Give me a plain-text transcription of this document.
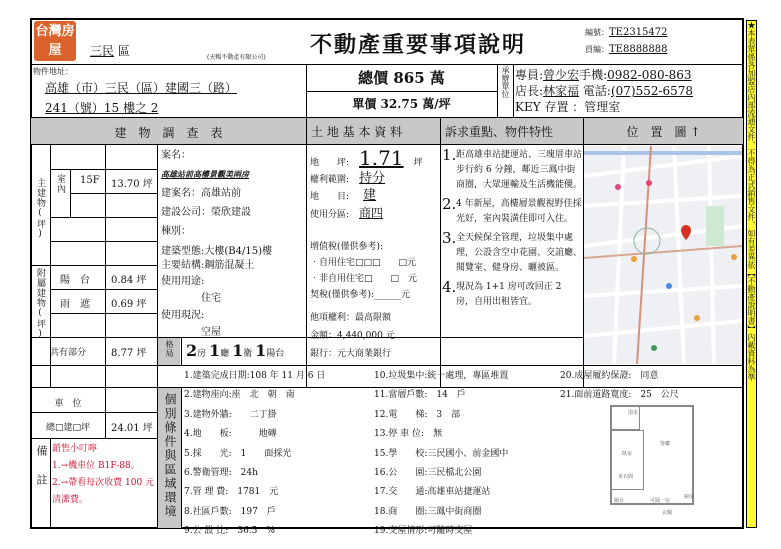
台灣房屋	三民 區	(天暢不動產有限公司) 不動產重要事項說明	編號：TE2315472
員編：TE8888888
物件地址：
高雄（市）三民（區）建國三（路）
241（號）15 樓之 2
總價 865 萬
單價 32.75 萬/坪
承辦單位 專員:曾少宏手機:0982-080-863
店長:林家福 電話:(07)552-6578
KEY 存置 ：管理室
建　物　調　查　表	土 地 基 本 資 料	訴求重點、物件特性	位　置　圖 ↑
主建物(坪) 室內 15F 13.70 坪
附屬建物(坪) 陽　台 0.84 坪
雨　遮 0.69 坪
共有部分	8.77 坪
車　位
總□建□坪	24.01 坪
案名：
高雄站前高樓景觀美兩房
建案名：高雄站前
建設公司：榮欣建設
棟別：
建築型態:大樓(B4/15)樓
主要結構:鋼筋混凝土
使用用途:
住宅
使用現況:
空屋
格局 2房 1廳 1衛 1陽台
地　　坪: 1.71 坪
權利範圍: 持分
地　　目: 建
使用分區: 商四
增值稅(僅供參考):
‧自用住宅□□□　　□元
‧非自用住宅□　　□　元
契稅(僅供參考):______元
他項權利：最高限額
金額：4,440,000 元
銀行：元大商業銀行
1. 距高雄車站捷運站、三塊厝車站步行約 6 分鐘，鄰近三鳳中街商圈，大眾運輸及生活機能優。
2. 4 年新屋，高樓層景觀視野佳採光好，室內裝潢佳即可入住。
3. 全天候保全管理，垃圾集中處理，公設含空中花園、交誼廳、閱覽室、健身房、曬被區。
4. 現況為 1+1 房可改回正 2 房，自用出租皆宜。
個別條件與區域環境
1.建築完成日期:108 年 11 月 6 日
2.建物座向:座　北　朝　南
3.建物外牆:　　二丁掛　　
4.地　　板:　　　地磚　　　
5.採　　光:　1　　面採光
6.警衛管理:　24h　
7.管 理 費:　1781　元
8.社區戶數:　197　戶
9.公 設 比:　36.5　%
10.垃圾集中:統一處理，專區堆置
11.當層戶數:　14　戶
12.電　　梯:　3　部
13.停 車 位:　無　
15.學　　校:三民國小、前金國中
16.公　　園:三民檔北公園
17.交　　通:高雄車站捷運站
18.商　　圈:三鳳中街商圈
19.交屋情形:可隨時交屋
20.成屋履約保證:　同意　
21.面前道路寬度:　25　公尺
浴室
臥室
更衣間
客廳
陽台	可隔一房
廚房
玄關
備註 銷售小叮嚀
1.→機車位 B1F-88。
2.→帶看每次收費 100 元清潔費。
★本表單係各加盟店內部流通文件，不得為正式銷售文件，如有差異依【不動產說明書】內載資料為準
